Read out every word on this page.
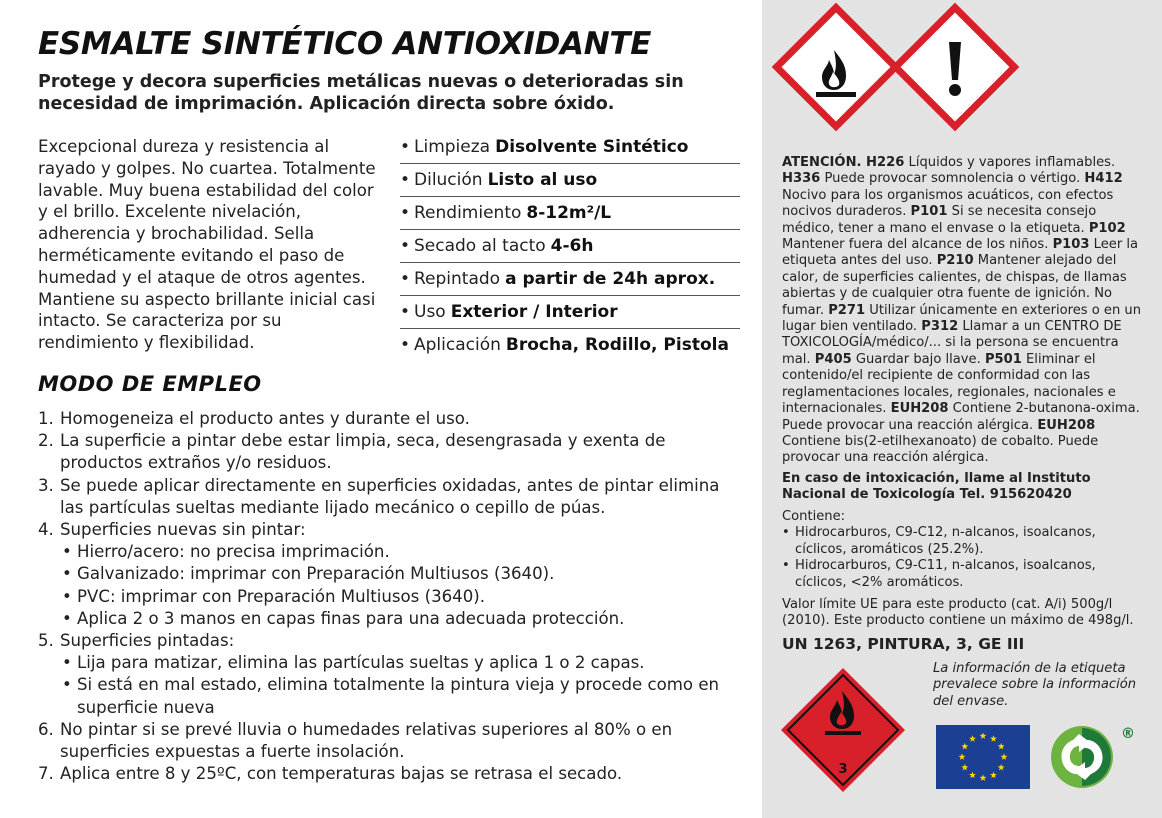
ESMALTE SINTÉTICO ANTIOXIDANTE
Protege y decora superficies metálicas nuevas o deterioradas sin necesidad de imprimación. Aplicación directa sobre óxido.
Excepcional dureza y resistencia al rayado y golpes. No cuartea. Totalmente lavable. Muy buena estabilidad del color y el brillo. Excelente nivelación, adherencia y brochabilidad. Sella herméticamente evitando el paso de humedad y el ataque de otros agentes. Mantiene su aspecto brillante inicial casi intacto. Se caracteriza por su rendimiento y flexibilidad.
• Limpieza Disolvente Sintético
• Dilución Listo al uso
• Rendimiento 8-12m²/L
• Secado al tacto 4-6h
• Repintado a partir de 24h aprox.
• Uso Exterior / Interior
• Aplicación Brocha, Rodillo, Pistola
MODO DE EMPLEO
1. Homogeneiza el producto antes y durante el uso.
2. La superficie a pintar debe estar limpia, seca, desengrasada y exenta de productos extraños y/o residuos.
3. Se puede aplicar directamente en superficies oxidadas, antes de pintar elimina las partículas sueltas mediante lijado mecánico o cepillo de púas.
4. Superficies nuevas sin pintar:
• Hierro/acero: no precisa imprimación.
• Galvanizado: imprimar con Preparación Multiusos (3640).
• PVC: imprimar con Preparación Multiusos (3640).
• Aplica 2 o 3 manos en capas finas para una adecuada protección.
5. Superficies pintadas:
• Lija para matizar, elimina las partículas sueltas y aplica 1 o 2 capas.
• Si está en mal estado, elimina totalmente la pintura vieja y procede como en superficie nueva
6. No pintar si se prevé lluvia o humedades relativas superiores al 80% o en superficies expuestas a fuerte insolación.
7. Aplica entre 8 y 25ºC, con temperaturas bajas se retrasa el secado.
ATENCIÓN. H226 Líquidos y vapores inflamables. H336 Puede provocar somnolencia o vértigo. H412 Nocivo para los organismos acuáticos, con efectos nocivos duraderos. P101 Si se necesita consejo médico, tener a mano el envase o la etiqueta. P102 Mantener fuera del alcance de los niños. P103 Leer la etiqueta antes del uso. P210 Mantener alejado del calor, de superficies calientes, de chispas, de llamas abiertas y de cualquier otra fuente de ignición. No fumar. P271 Utilizar únicamente en exteriores o en un lugar bien ventilado. P312 Llamar a un CENTRO DE TOXICOLOGÍA/médico/... si la persona se encuentra mal. P405 Guardar bajo llave. P501 Eliminar el contenido/el recipiente de conformidad con las reglamentaciones locales, regionales, nacionales e internacionales. EUH208 Contiene 2-butanona-oxima. Puede provocar una reacción alérgica. EUH208 Contiene bis(2-etilhexanoato) de cobalto. Puede provocar una reacción alérgica.
En caso de intoxicación, llame al Instituto Nacional de Toxicología Tel. 915620420
Contiene:
• Hidrocarburos, C9-C12, n-alcanos, isoalcanos, cíclicos, aromáticos (25.2%).
• Hidrocarburos, C9-C11, n-alcanos, isoalcanos, cíclicos, <2% aromáticos.
Valor límite UE para este producto (cat. A/i) 500g/l (2010). Este producto contiene un máximo de 498g/l.
UN 1263, PINTURA, 3, GE III
La información de la etiqueta prevalece sobre la información del envase.
3
®
